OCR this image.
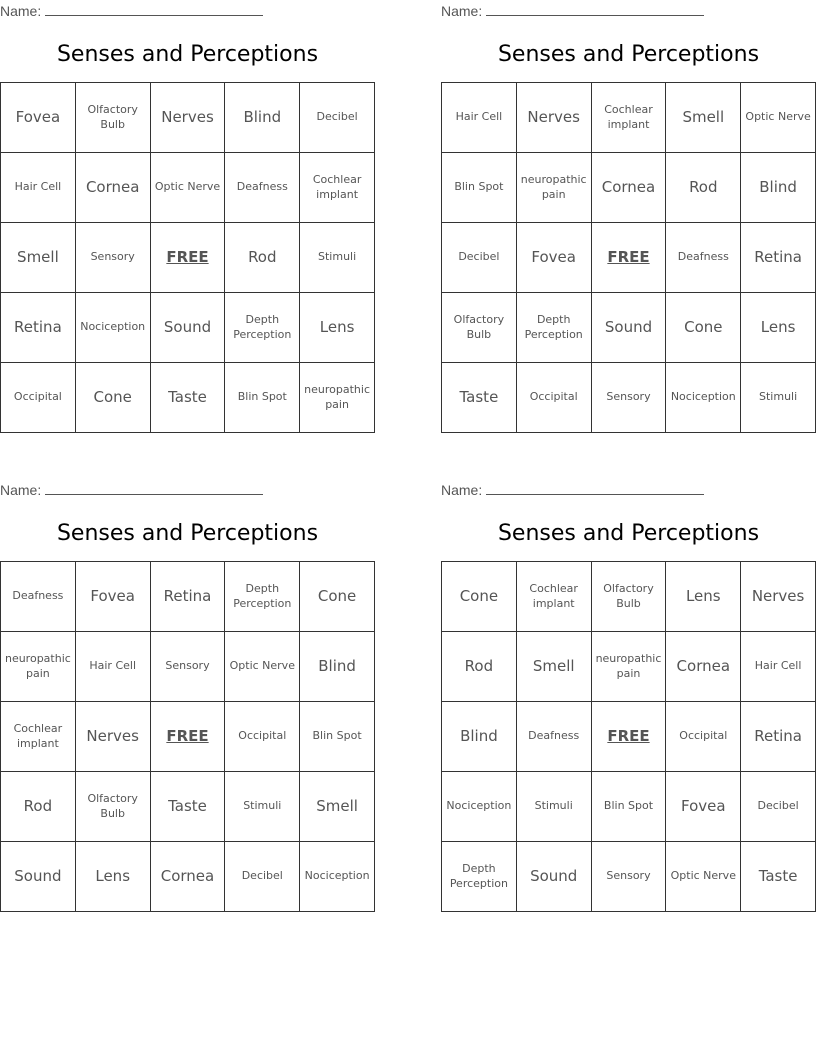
Name:
Senses and Perceptions
Fovea	Olfactory Bulb	Nerves	Blind	Decibel
Hair Cell	Cornea	Optic Nerve	Deafness	Cochlear implant
Smell	Sensory	FREE	Rod	Stimuli
Retina	Nociception	Sound	Depth Perception	Lens
Occipital	Cone	Taste	Blin Spot	neuropathic pain
Name:
Senses and Perceptions
Hair Cell	Nerves	Cochlear implant	Smell	Optic Nerve
Blin Spot	neuropathic pain	Cornea	Rod	Blind
Decibel	Fovea	FREE	Deafness	Retina
Olfactory Bulb	Depth Perception	Sound	Cone	Lens
Taste	Occipital	Sensory	Nociception	Stimuli
Name:
Senses and Perceptions
Deafness	Fovea	Retina	Depth Perception	Cone
neuropathic pain	Hair Cell	Sensory	Optic Nerve	Blind
Cochlear implant	Nerves	FREE	Occipital	Blin Spot
Rod	Olfactory Bulb	Taste	Stimuli	Smell
Sound	Lens	Cornea	Decibel	Nociception
Name:
Senses and Perceptions
Cone	Cochlear implant	Olfactory Bulb	Lens	Nerves
Rod	Smell	neuropathic pain	Cornea	Hair Cell
Blind	Deafness	FREE	Occipital	Retina
Nociception	Stimuli	Blin Spot	Fovea	Decibel
Depth Perception	Sound	Sensory	Optic Nerve	Taste
